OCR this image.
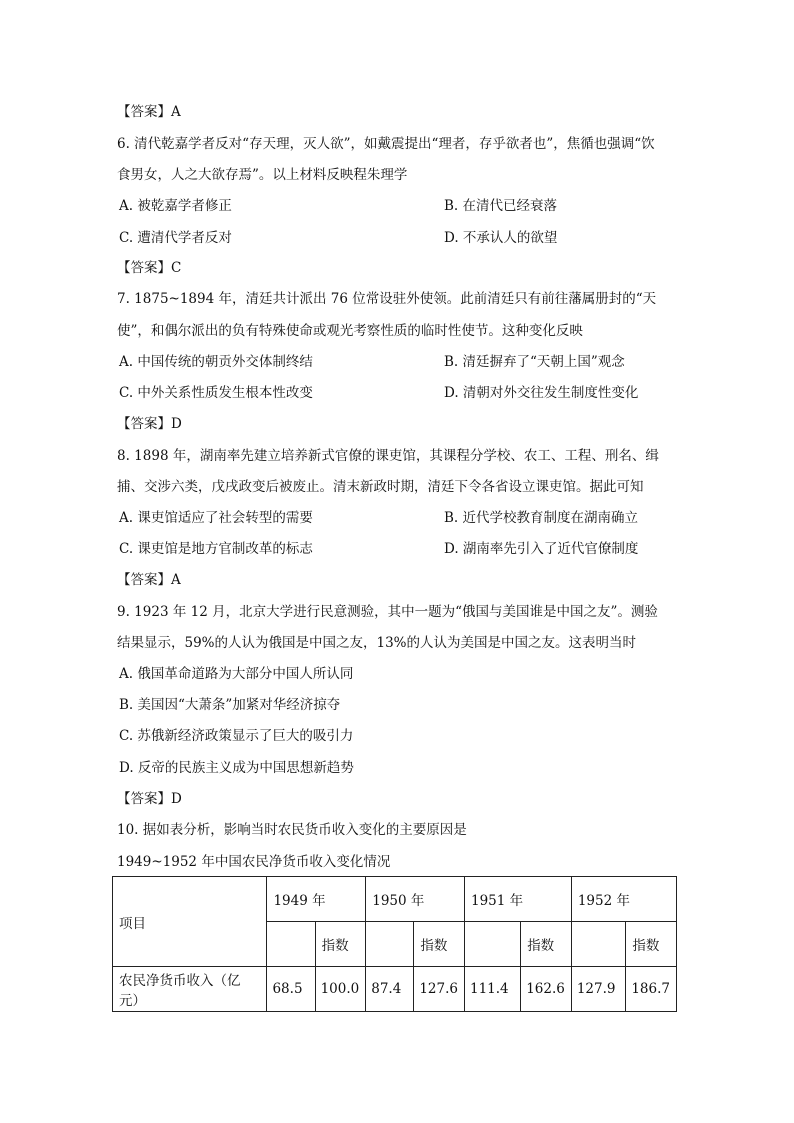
【答案】A
6. 清代乾嘉学者反对“存天理，灭人欲”，如戴震提出“理者，存乎欲者也”，焦循也强调“饮
食男女，人之大欲存焉”。以上材料反映程朱理学
A. 被乾嘉学者修正	B. 在清代已经衰落
C. 遭清代学者反对	D. 不承认人的欲望
【答案】C
7. 1875~1894 年，清廷共计派出 76 位常设驻外使领。此前清廷只有前往藩属册封的“天
使”，和偶尔派出的负有特殊使命或观光考察性质的临时性使节。这种变化反映
A. 中国传统的朝贡外交体制终结	B. 清廷摒弃了“天朝上国”观念
C. 中外关系性质发生根本性改变	D. 清朝对外交往发生制度性变化
【答案】D
8. 1898 年，湖南率先建立培养新式官僚的课吏馆，其课程分学校、农工、工程、刑名、缉
捕、交涉六类，戊戌政变后被废止。清末新政时期，清廷下令各省设立课吏馆。据此可知
A. 课吏馆适应了社会转型的需要	B. 近代学校教育制度在湖南确立
C. 课吏馆是地方官制改革的标志	D. 湖南率先引入了近代官僚制度
【答案】A
9. 1923 年 12 月，北京大学进行民意测验，其中一题为“俄国与美国谁是中国之友”。测验
结果显示，59%的人认为俄国是中国之友，13%的人认为美国是中国之友。这表明当时
A. 俄国革命道路为大部分中国人所认同
B. 美国因“大萧条”加紧对华经济掠夺
C. 苏俄新经济政策显示了巨大的吸引力
D. 反帝的民族主义成为中国思想新趋势
【答案】D
10. 据如表分析，影响当时农民货币收入变化的主要原因是
1949~1952 年中国农民净货币收入变化情况
项目	1949 年		1950 年		1951 年		1952 年	
		指数		指数		指数		指数
农民净货币收入（亿元）	68.5	100.0	87.4	127.6	111.4	162.6	127.9	186.7
